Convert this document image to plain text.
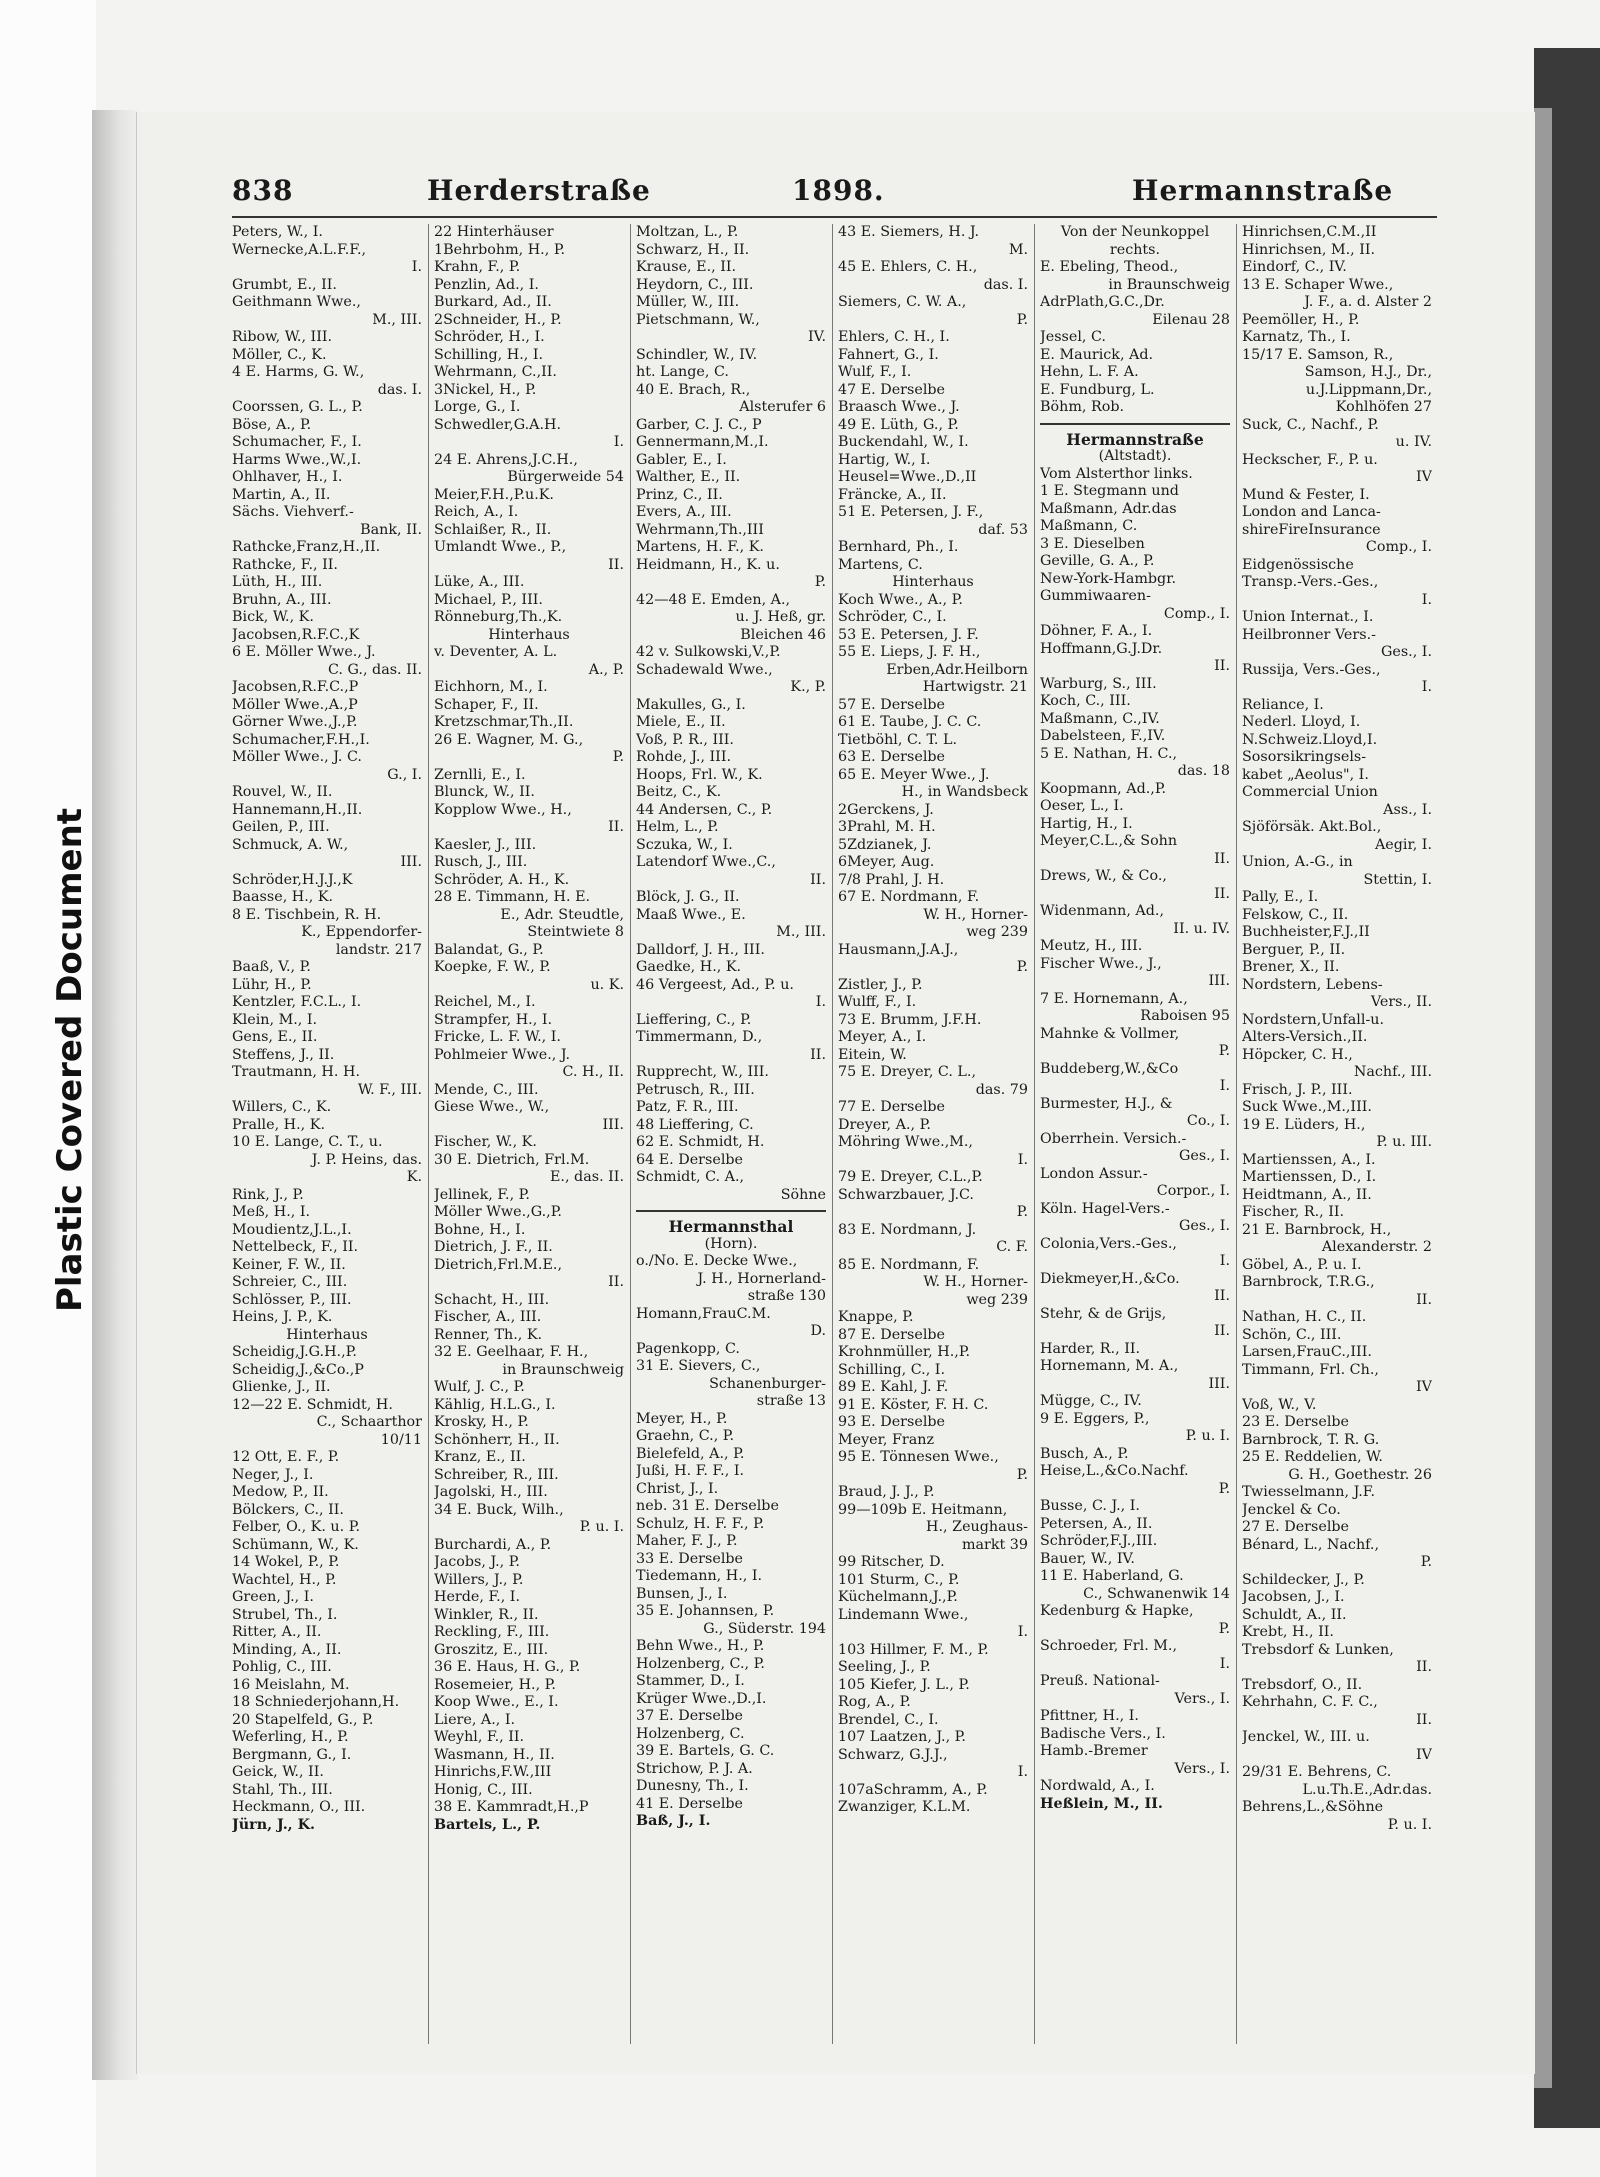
Plastic Covered Document
838	Herderstraße	1898.	Hermannstraße
Peters, W., I.
Wernecke,A.L.F.F.,
I.
Grumbt, E., II.
Geithmann Wwe.,
M., III.
Ribow, W., III.
Möller, C., K.
4 E. Harms, G. W.,
das. I.
Coorssen, G. L., P.
Böse, A., P.
Schumacher, F., I.
Harms Wwe.,W.,I.
Ohlhaver, H., I.
Martin, A., II.
Sächs. Viehverf.-
Bank, II.
Rathcke,Franz,H.,II.
Rathcke, F., II.
Lüth, H., III.
Bruhn, A., III.
Bick, W., K.
Jacobsen,R.F.C.,K
6 E. Möller Wwe., J.
C. G., das. II.
Jacobsen,R.F.C.,P
Möller Wwe.,A.,P
Görner Wwe.,J.,P.
Schumacher,F.H.,I.
Möller Wwe., J. C.
G., I.
Rouvel, W., II.
Hannemann,H.,II.
Geilen, P., III.
Schmuck, A. W.,
III.
Schröder,H.J.J.,K
Baasse, H., K.
8 E. Tischbein, R. H.
K., Eppendorfer-
landstr. 217
Baaß, V., P.
Lühr, H., P.
Kentzler, F.C.L., I.
Klein, M., I.
Gens, E., II.
Steffens, J., II.
Trautmann, H. H.
W. F., III.
Willers, C., K.
Pralle, H., K.
10 E. Lange, C. T., u.
J. P. Heins, das.
K.
Rink, J., P.
Meß, H., I.
Moudientz,J.L.,I.
Nettelbeck, F., II.
Keiner, F. W., II.
Schreier, C., III.
Schlösser, P., III.
Heins, J. P., K.
Hinterhaus
Scheidig,J.G.H.,P.
Scheidig,J.,&Co.,P
Glienke, J., II.
12—22 E. Schmidt, H.
C., Schaarthor
10/11
12 Ott, E. F., P.
Neger, J., I.
Medow, P., II.
Bölckers, C., II.
Felber, O., K. u. P.
Schümann, W., K.
14 Wokel, P., P.
Wachtel, H., P.
Green, J., I.
Strubel, Th., I.
Ritter, A., II.
Minding, A., II.
Pohlig, C., III.
16 Meislahn, M.
18 Schniederjohann,H.
20 Stapelfeld, G., P.
Weferling, H., P.
Bergmann, G., I.
Geick, W., II.
Stahl, Th., III.
Heckmann, O., III.
Jürn, J., K.
22 Hinterhäuser
1Behrbohm, H., P.
Krahn, F., P.
Penzlin, Ad., I.
Burkard, Ad., II.
2Schneider, H., P.
Schröder, H., I.
Schilling, H., I.
Wehrmann, C.,II.
3Nickel, H., P.
Lorge, G., I.
Schwedler,G.A.H.
I.
24 E. Ahrens,J.C.H.,
Bürgerweide 54
Meier,F.H.,P.u.K.
Reich, A., I.
Schlaißer, R., II.
Umlandt Wwe., P.,
II.
Lüke, A., III.
Michael, P., III.
Rönneburg,Th.,K.
Hinterhaus
v. Deventer, A. L.
A., P.
Eichhorn, M., I.
Schaper, F., II.
Kretzschmar,Th.,II.
26 E. Wagner, M. G.,
P.
Zernlli, E., I.
Blunck, W., II.
Kopplow Wwe., H.,
II.
Kaesler, J., III.
Rusch, J., III.
Schröder, A. H., K.
28 E. Timmann, H. E.
E., Adr. Steudtle,
Steintwiete 8
Balandat, G., P.
Koepke, F. W., P.
u. K.
Reichel, M., I.
Strampfer, H., I.
Fricke, L. F. W., I.
Pohlmeier Wwe., J.
C. H., II.
Mende, C., III.
Giese Wwe., W.,
III.
Fischer, W., K.
30 E. Dietrich, Frl.M.
E., das. II.
Jellinek, F., P.
Möller Wwe.,G.,P.
Bohne, H., I.
Dietrich, J. F., II.
Dietrich,Frl.M.E.,
II.
Schacht, H., III.
Fischer, A., III.
Renner, Th., K.
32 E. Geelhaar, F. H.,
in Braunschweig
Wulf, J. C., P.
Kählig, H.L.G., I.
Krosky, H., P.
Schönherr, H., II.
Kranz, E., II.
Schreiber, R., III.
Jagolski, H., III.
34 E. Buck, Wilh.,
P. u. I.
Burchardi, A., P.
Jacobs, J., P.
Willers, J., P.
Herde, F., I.
Winkler, R., II.
Reckling, F., III.
Groszitz, E., III.
36 E. Haus, H. G., P.
Rosemeier, H., P.
Koop Wwe., E., I.
Liere, A., I.
Weyhl, F., II.
Wasmann, H., II.
Hinrichs,F.W.,III
Honig, C., III.
38 E. Kammradt,H.,P
Bartels, L., P.
Moltzan, L., P.
Schwarz, H., II.
Krause, E., II.
Heydorn, C., III.
Müller, W., III.
Pietschmann, W.,
IV.
Schindler, W., IV.
ht. Lange, C.
40 E. Brach, R.,
Alsterufer 6
Garber, C. J. C., P
Gennermann,M.,I.
Gabler, E., I.
Walther, E., II.
Prinz, C., II.
Evers, A., III.
Wehrmann,Th.,III
Martens, H. F., K.
Heidmann, H., K. u.
P.
42—48 E. Emden, A.,
u. J. Heß, gr.
Bleichen 46
42 v. Sulkowski,V.,P.
Schadewald Wwe.,
K., P.
Makulles, G., I.
Miele, E., II.
Voß, P. R., III.
Rohde, J., III.
Hoops, Frl. W., K.
Beitz, C., K.
44 Andersen, C., P.
Helm, L., P.
Sczuka, W., I.
Latendorf Wwe.,C.,
II.
Blöck, J. G., II.
Maaß Wwe., E.
M., III.
Dalldorf, J. H., III.
Gaedke, H., K.
46 Vergeest, Ad., P. u.
I.
Lieffering, C., P.
Timmermann, D.,
II.
Rupprecht, W., III.
Petrusch, R., III.
Patz, F. R., III.
48 Lieffering, C.
62 E. Schmidt, H.
64 E. Derselbe
Schmidt, C. A.,
Söhne
Hermannsthal
(Horn).
o./No. E. Decke Wwe.,
J. H., Hornerland-
straße 130
Homann,FrauC.M.
D.
Pagenkopp, C.
31 E. Sievers, C.,
Schanenburger-
straße 13
Meyer, H., P.
Graehn, C., P.
Bielefeld, A., P.
Jußi, H. F. F., I.
Christ, J., I.
neb. 31 E. Derselbe
Schulz, H. F. F., P.
Maher, F. J., P.
33 E. Derselbe
Tiedemann, H., I.
Bunsen, J., I.
35 E. Johannsen, P.
G., Süderstr. 194
Behn Wwe., H., P.
Holzenberg, C., P.
Stammer, D., I.
Krüger Wwe.,D.,I.
37 E. Derselbe
Holzenberg, C.
39 E. Bartels, G. C.
Strichow, P. J. A.
Dunesny, Th., I.
41 E. Derselbe
Baß, J., I.
43 E. Siemers, H. J.
M.
45 E. Ehlers, C. H.,
das. I.
Siemers, C. W. A.,
P.
Ehlers, C. H., I.
Fahnert, G., I.
Wulf, F., I.
47 E. Derselbe
Braasch Wwe., J.
49 E. Lüth, G., P.
Buckendahl, W., I.
Hartig, W., I.
Heusel=Wwe.,D.,II
Fräncke, A., II.
51 E. Petersen, J. F.,
daf. 53
Bernhard, Ph., I.
Martens, C.
Hinterhaus
Koch Wwe., A., P.
Schröder, C., I.
53 E. Petersen, J. F.
55 E. Lieps, J. F. H.,
Erben,Adr.Heilborn
Hartwigstr. 21
57 E. Derselbe
61 E. Taube, J. C. C.
Tietböhl, C. T. L.
63 E. Derselbe
65 E. Meyer Wwe., J.
H., in Wandsbeck
2Gerckens, J.
3Prahl, M. H.
5Zdzianek, J.
6Meyer, Aug.
7/8 Prahl, J. H.
67 E. Nordmann, F.
W. H., Horner-
weg 239
Hausmann,J.A.J.,
P.
Zistler, J., P.
Wulff, F., I.
73 E. Brumm, J.F.H.
Meyer, A., I.
Eitein, W.
75 E. Dreyer, C. L.,
das. 79
77 E. Derselbe
Dreyer, A., P.
Möhring Wwe.,M.,
I.
79 E. Dreyer, C.L.,P.
Schwarzbauer, J.C.
P.
83 E. Nordmann, J.
C. F.
85 E. Nordmann, F.
W. H., Horner-
weg 239
Knappe, P.
87 E. Derselbe
Krohnmüller, H.,P.
Schilling, C., I.
89 E. Kahl, J. F.
91 E. Köster, F. H. C.
93 E. Derselbe
Meyer, Franz
95 E. Tönnesen Wwe.,
P.
Braud, J. J., P.
99—109b E. Heitmann,
H., Zeughaus-
markt 39
99 Ritscher, D.
101 Sturm, C., P.
Küchelmann,J.,P.
Lindemann Wwe.,
I.
103 Hillmer, F. M., P.
Seeling, J., P.
105 Kiefer, J. L., P.
Rog, A., P.
Brendel, C., I.
107 Laatzen, J., P.
Schwarz, G.J.J.,
I.
107aSchramm, A., P.
Zwanziger, K.L.M.
Von der Neunkoppel
rechts.
E. Ebeling, Theod.,
in Braunschweig
AdrPlath,G.C.,Dr.
Eilenau 28
Jessel, C.
E. Maurick, Ad.
Hehn, L. F. A.
E. Fundburg, L.
Böhm, Rob.
Hermannstraße
(Altstadt).
Vom Alsterthor links.
1 E. Stegmann und
Maßmann, Adr.das
Maßmann, C.
3 E. Dieselben
Geville, G. A., P.
New-York-Hambgr.
Gummiwaaren-
Comp., I.
Döhner, F. A., I.
Hoffmann,G.J.Dr.
II.
Warburg, S., III.
Koch, C., III.
Maßmann, C.,IV.
Dabelsteen, F.,IV.
5 E. Nathan, H. C.,
das. 18
Koopmann, Ad.,P.
Oeser, L., I.
Hartig, H., I.
Meyer,C.L.,& Sohn
II.
Drews, W., & Co.,
II.
Widenmann, Ad.,
II. u. IV.
Meutz, H., III.
Fischer Wwe., J.,
III.
7 E. Hornemann, A.,
Raboisen 95
Mahnke & Vollmer,
P.
Buddeberg,W.,&Co
I.
Burmester, H.J., &
Co., I.
Oberrhein. Versich.-
Ges., I.
London Assur.-
Corpor., I.
Köln. Hagel-Vers.-
Ges., I.
Colonia,Vers.-Ges.,
I.
Diekmeyer,H.,&Co.
II.
Stehr, & de Grijs,
II.
Harder, R., II.
Hornemann, M. A.,
III.
Mügge, C., IV.
9 E. Eggers, P.,
P. u. I.
Busch, A., P.
Heise,L.,&Co.Nachf.
P.
Busse, C. J., I.
Petersen, A., II.
Schröder,F.J.,III.
Bauer, W., IV.
11 E. Haberland, G.
C., Schwanenwik 14
Kedenburg & Hapke,
P.
Schroeder, Frl. M.,
I.
Preuß. National-
Vers., I.
Pfittner, H., I.
Badische Vers., I.
Hamb.-Bremer
Vers., I.
Nordwald, A., I.
Heßlein, M., II.
Hinrichsen,C.M.,II
Hinrichsen, M., II.
Eindorf, C., IV.
13 E. Schaper Wwe.,
J. F., a. d. Alster 2
Peemöller, H., P.
Karnatz, Th., I.
15/17 E. Samson, R.,
Samson, H.J., Dr.,
u.J.Lippmann,Dr.,
Kohlhöfen 27
Suck, C., Nachf., P.
u. IV.
Heckscher, F., P. u.
IV
Mund & Fester, I.
London and Lanca-
shireFireInsurance
Comp., I.
Eidgenössische
Transp.-Vers.-Ges.,
I.
Union Internat., I.
Heilbronner Vers.-
Ges., I.
Russija, Vers.-Ges.,
I.
Reliance, I.
Nederl. Lloyd, I.
N.Schweiz.Lloyd,I.
Sosorsikringsels-
kabet „Aeolus", I.
Commercial Union
Ass., I.
Sjöförsäk. Akt.Bol.,
Aegir, I.
Union, A.-G., in
Stettin, I.
Pally, E., I.
Felskow, C., II.
Buchheister,F.J.,II
Berguer, P., II.
Brener, X., II.
Nordstern, Lebens-
Vers., II.
Nordstern,Unfall-u.
Alters-Versich.,II.
Höpcker, C. H.,
Nachf., III.
Frisch, J. P., III.
Suck Wwe.,M.,III.
19 E. Lüders, H.,
P. u. III.
Martienssen, A., I.
Martienssen, D., I.
Heidtmann, A., II.
Fischer, R., II.
21 E. Barnbrock, H.,
Alexanderstr. 2
Göbel, A., P. u. I.
Barnbrock, T.R.G.,
II.
Nathan, H. C., II.
Schön, C., III.
Larsen,FrauC.,III.
Timmann, Frl. Ch.,
IV
Voß, W., V.
23 E. Derselbe
Barnbrock, T. R. G.
25 E. Reddelien, W.
G. H., Goethestr. 26
Twiesselmann, J.F.
Jenckel & Co.
27 E. Derselbe
Bénard, L., Nachf.,
P.
Schildecker, J., P.
Jacobsen, J., I.
Schuldt, A., II.
Krebt, H., II.
Trebsdorf & Lunken,
II.
Trebsdorf, O., II.
Kehrhahn, C. F. C.,
II.
Jenckel, W., III. u.
IV
29/31 E. Behrens, C.
L.u.Th.E.,Adr.das.
Behrens,L.,&Söhne
P. u. I.
